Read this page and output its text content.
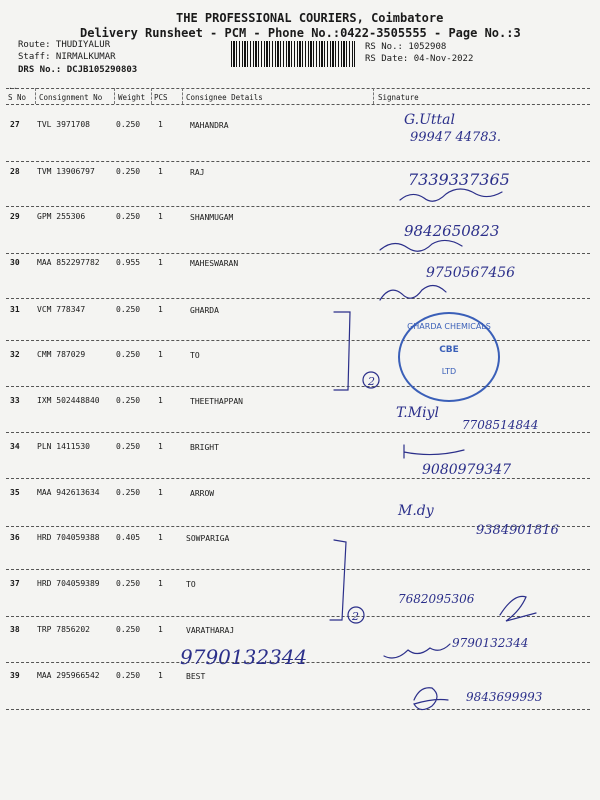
THE PROFESSIONAL COURIERS, Coimbatore
Delivery Runsheet - PCM - Phone No.:0422-3505555 - Page No.:3
Route: THUDIYALUR
Staff: NIRMALKUMAR
DRS No.: DCJB105290803
RS No.: 1052908
RS Date: 04-Nov-2022
..
S No Consignment No Weight PCS Consignee Details	Signature
27 TVL 3971708	0.250 1	MAHANDRA
28 TVM 13906797	0.250 1	RAJ
29 GPM 255306	0.250 1	SHANMUGAM
30 MAA 852297782 0.955 1	MAHESWARAN
31 VCM 778347	0.250 1	GHARDA
32 CMM 787029	0.250 1	TO
33 IXM 502448840 0.250 1	THEETHAPPAN
34 PLN 1411530	0.250 1	BRIGHT
35 MAA 942613634 0.250 1	ARROW
36 HRD 704059388 0.405 1	SOWPARIGA
37 HRD 704059389 0.250 1	TO
38 TRP 7856202	0.250 1	VARATHARAJ
39 MAA 295966542 0.250 1	BEST
G.Uttal
99947 44783.
7339337365
9842650823
9750567456
T.Miyl
7708514844
9080979347
M.dy
9384901816
7682095306
9790132344
9790132344
9843699993
2
2
GHARDA CHEMICALS
CBE
LTD
